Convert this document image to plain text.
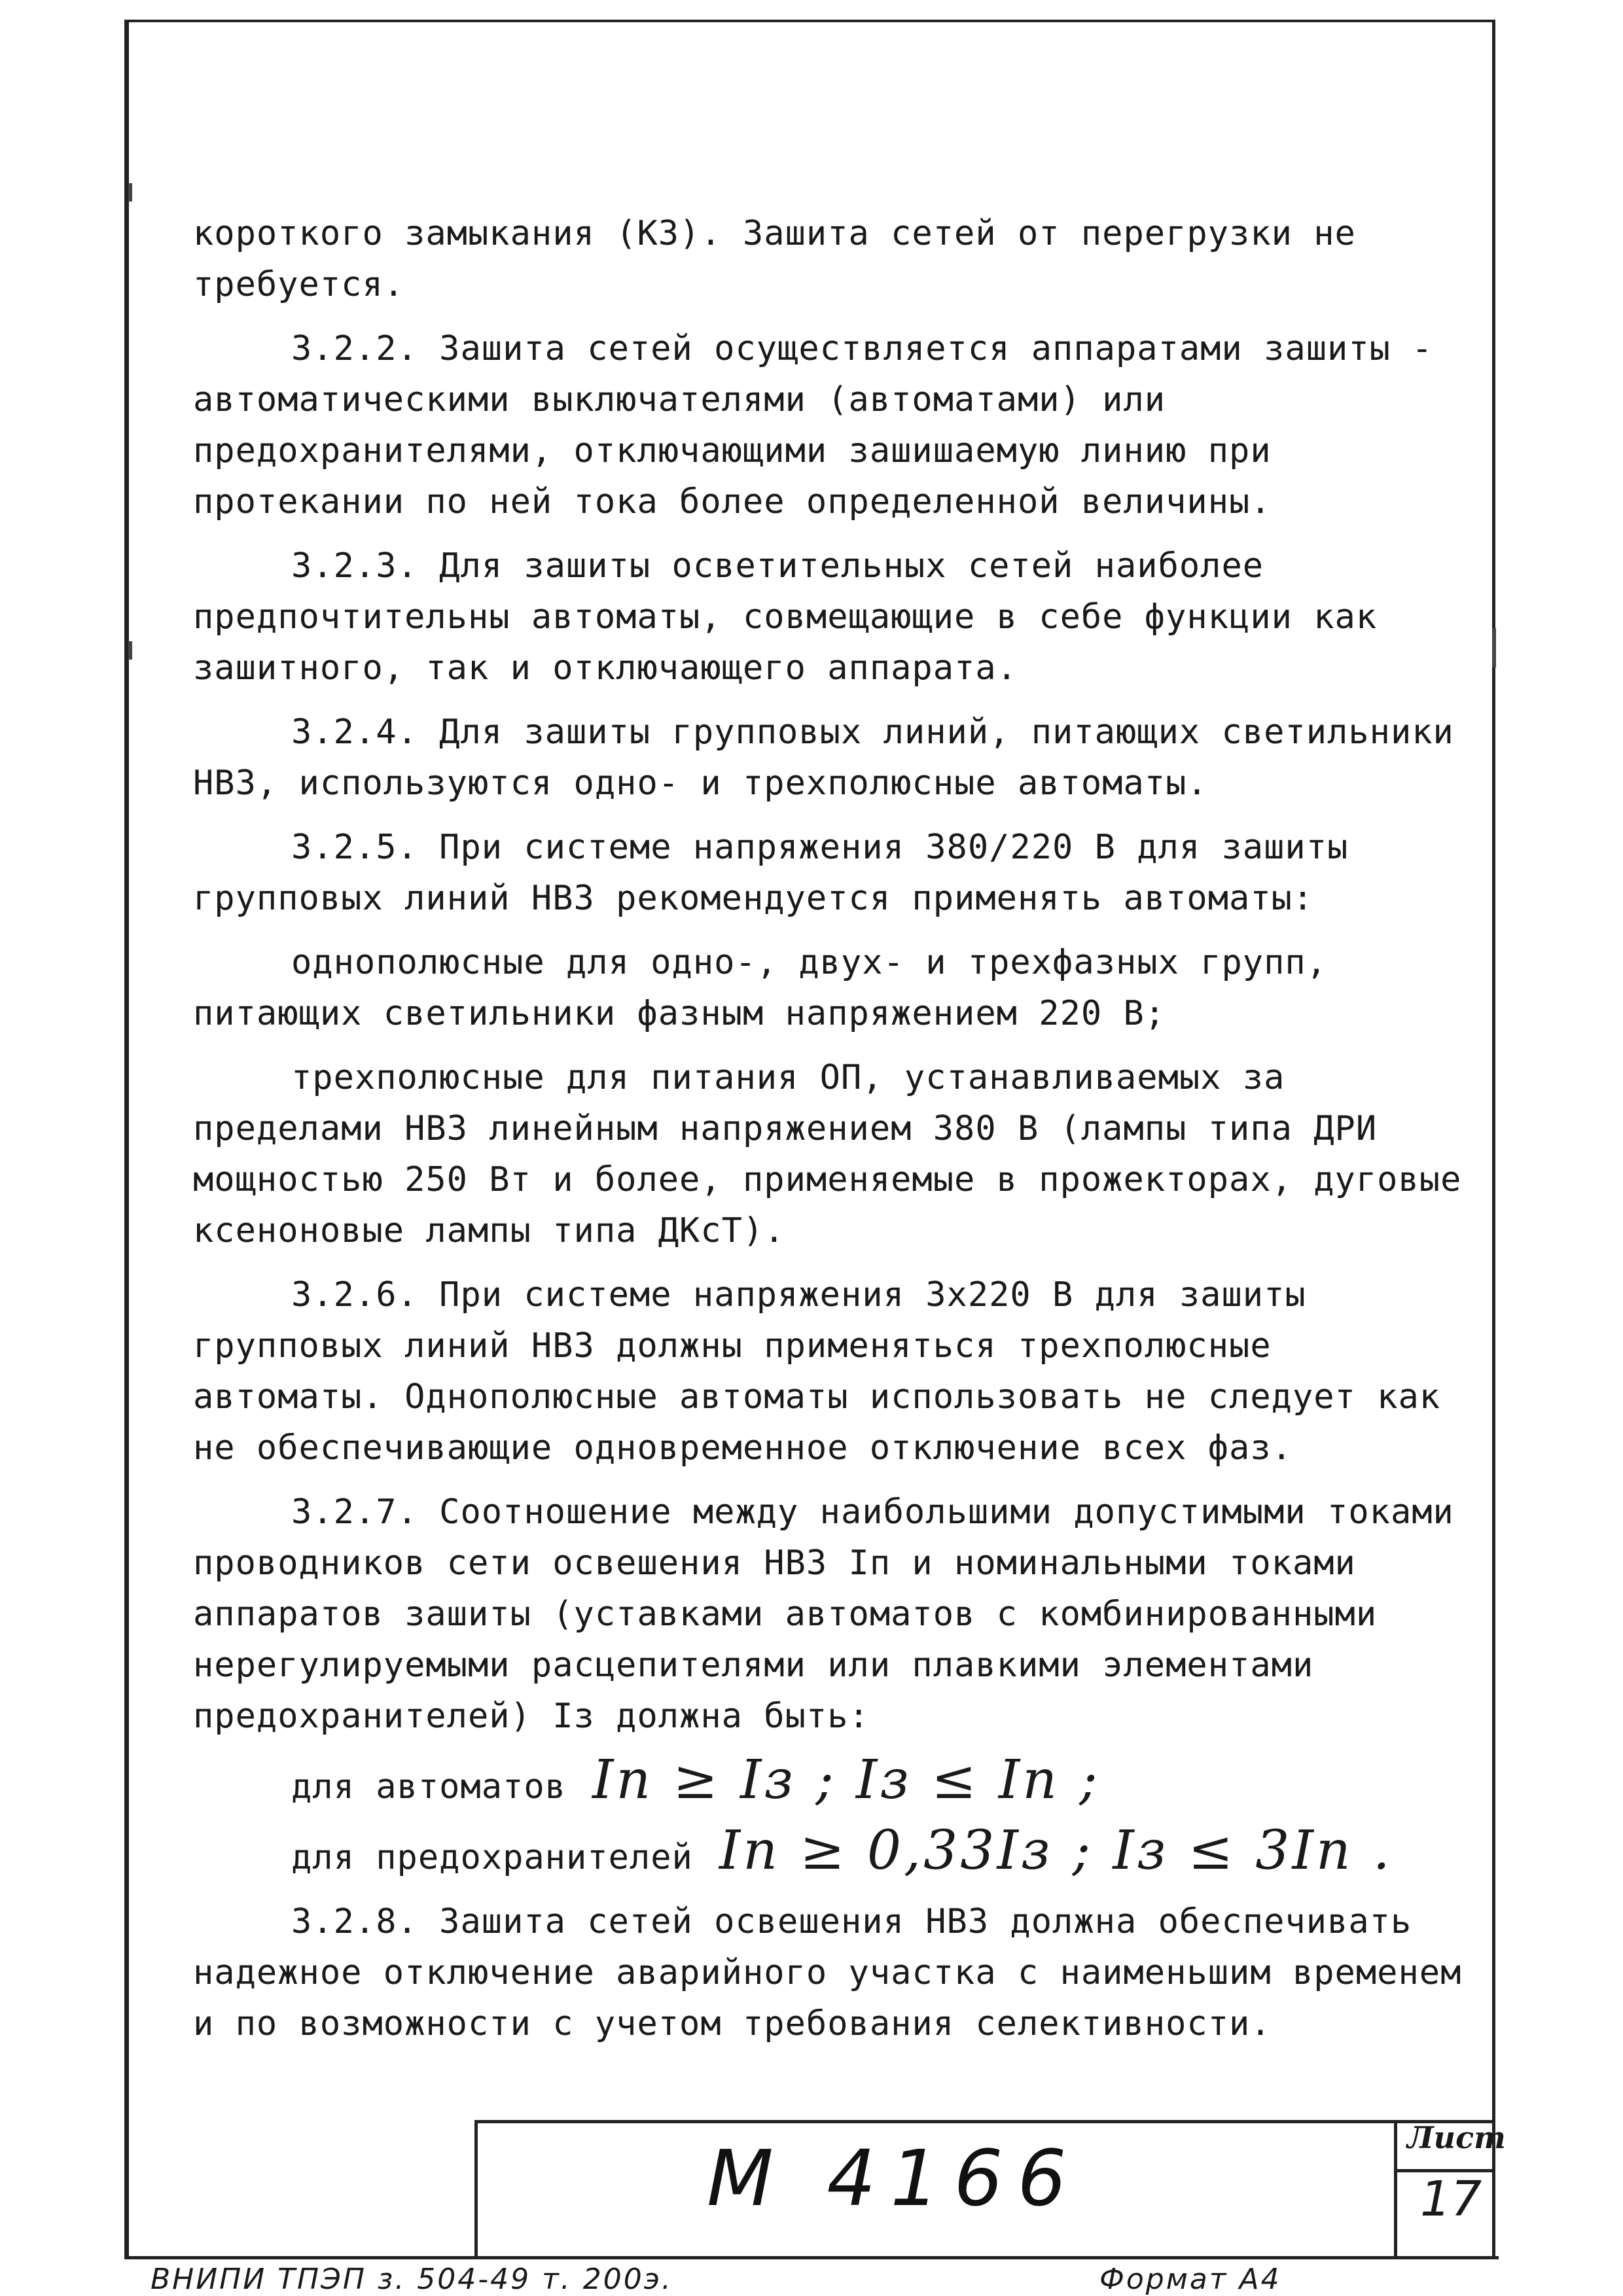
короткого замыкания (КЗ). Зашита сетей от перегрузки не требуется.

3.2.2. Зашита сетей осуществляется аппаратами зашиты - автоматическими выключателями (автоматами) или предохранителями, отключающими зашишаемую линию при протекании по ней тока более определенной величины.

3.2.3. Для зашиты осветительных сетей наиболее предпочтительны автоматы, совмещающие в себе функции как зашитного, так и отключающего аппарата.

3.2.4. Для зашиты групповых линий, питающих светильники НВЗ, используются одно- и трехполюсные автоматы.

3.2.5. При системе напряжения 380/220 В для зашиты групповых линий НВЗ рекомендуется применять автоматы:

однополюсные для одно-, двух- и трехфазных групп, питающих светильники фазным напряжением 220 В;

трехполюсные для питания ОП, устанавливаемых за пределами НВЗ линейным напряжением 380 В (лампы типа ДРИ мощностью 250 Вт и более, применяемые в прожекторах, дуговые ксеноновые лампы типа ДКсТ).

3.2.6. При системе напряжения 3х220 В для зашиты групповых линий НВЗ должны применяться трехполюсные автоматы. Однополюсные автоматы использовать не следует как не обеспечивающие одновременное отключение всех фаз.

3.2.7. Соотношение между наибольшими допустимыми токами проводников сети освешения НВЗ Iп и номинальными токами аппаратов зашиты (уставками автоматов с комбинированными нерегулируемыми расцепителями или плавкими элементами предохранителей) Iз должна быть:

для автоматов Iп ≥ Iз ; Iз ≤ Iп ;
для предохранителей Iп ≥ 0,33Iз ; Iз ≤ 3Iп .

3.2.8. Зашита сетей освешения НВЗ должна обеспечивать надежное отключение аварийного участка с наименьшим временем и по возможности с учетом требования селективности.

М 4166	Лист
17
ВНИПИ ТПЭП з. 504-49 т. 200э.	Формат А4
